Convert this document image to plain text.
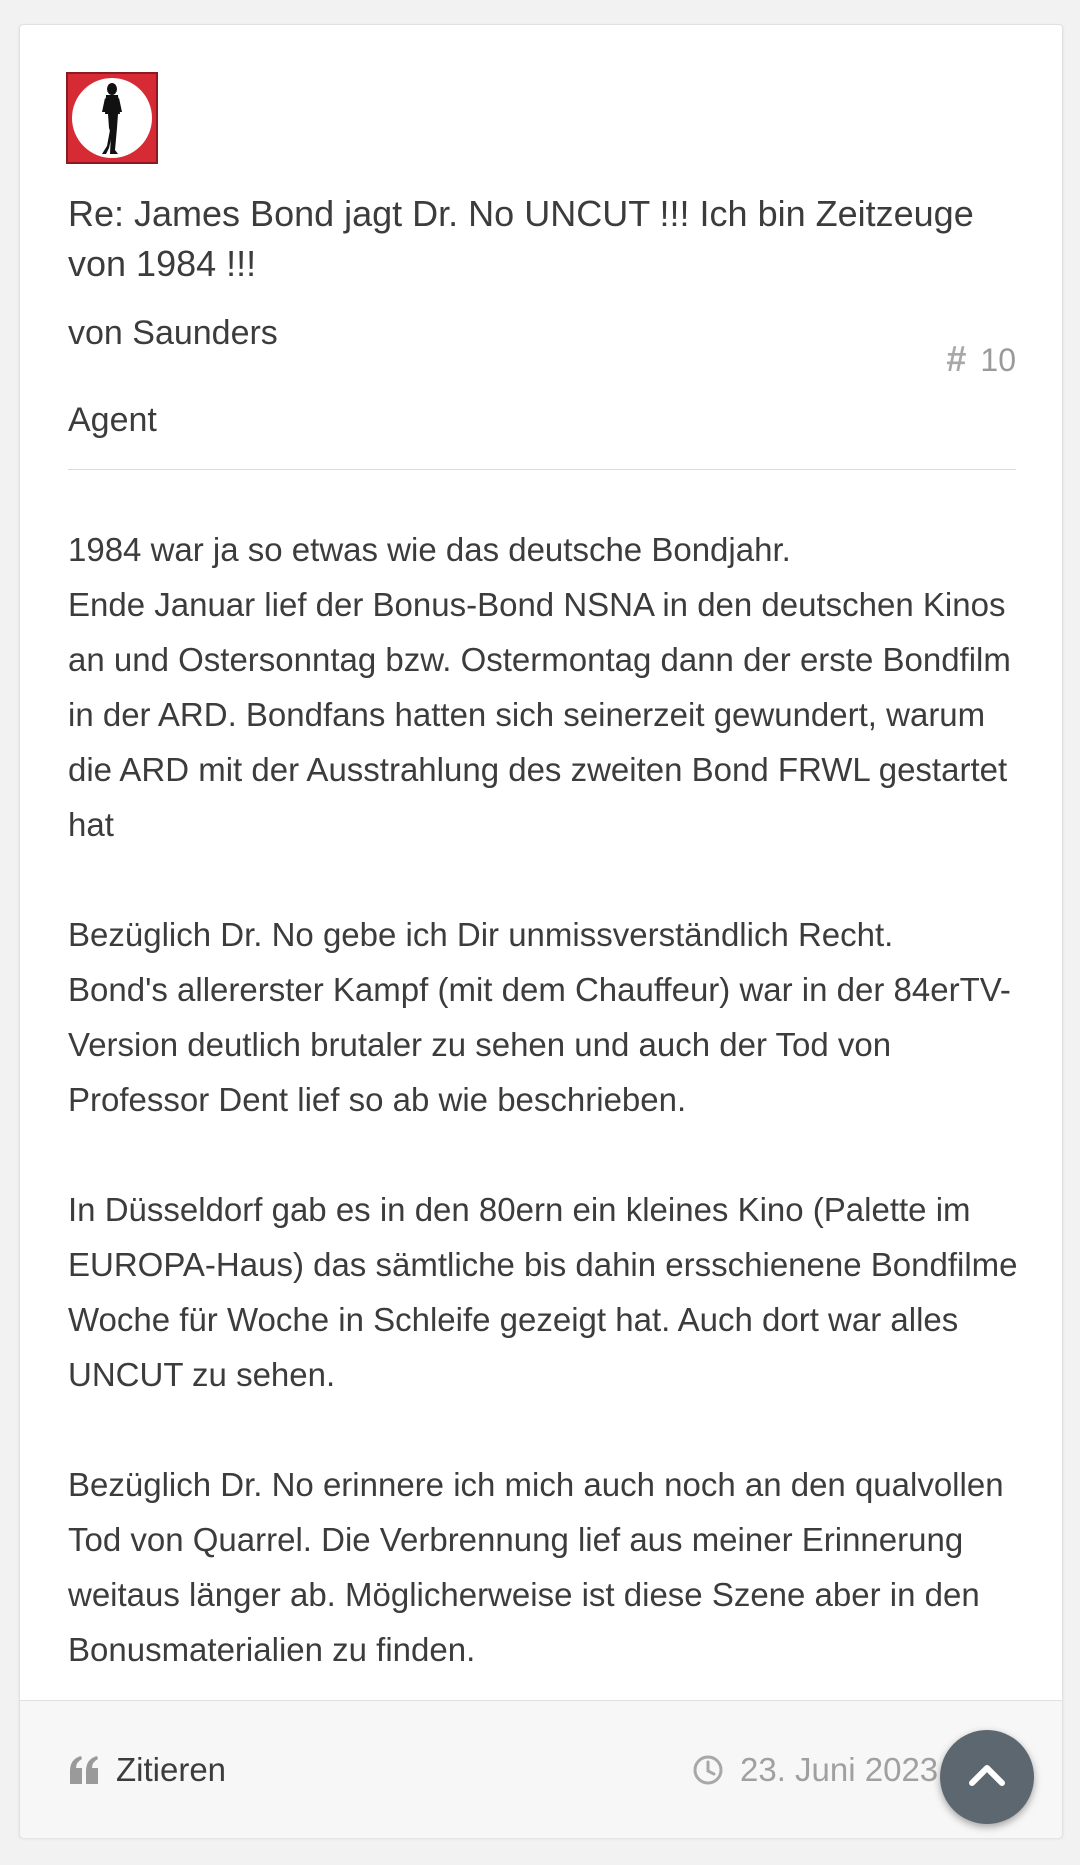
Re: James Bond jagt Dr. No UNCUT !!! Ich bin Zeitzeuge von 1984 !!!
von Saunders
# 10
Agent

1984 war ja so etwas wie das deutsche Bondjahr.
Ende Januar lief der Bonus-Bond NSNA in den deutschen Kinos an und Ostersonntag bzw. Ostermontag dann der erste Bondfilm in der ARD. Bondfans hatten sich seinerzeit gewundert, warum die ARD mit der Ausstrahlung des zweiten Bond FRWL gestartet hat

Bezüglich Dr. No gebe ich Dir unmissverständlich Recht.
Bond's allererster Kampf (mit dem Chauffeur) war in der 84erTV-Version deutlich brutaler zu sehen und auch der Tod von Professor Dent lief so ab wie beschrieben.

In Düsseldorf gab es in den 80ern ein kleines Kino (Palette im EUROPA-Haus) das sämtliche bis dahin ersschienene Bondfilme Woche für Woche in Schleife gezeigt hat. Auch dort war alles UNCUT zu sehen.

Bezüglich Dr. No erinnere ich mich auch noch an den qualvollen Tod von Quarrel. Die Verbrennung lief aus meiner Erinnerung weitaus länger ab. Möglicherweise ist diese Szene aber in den Bonusmaterialien zu finden.

Zitieren	23. Juni 2023
